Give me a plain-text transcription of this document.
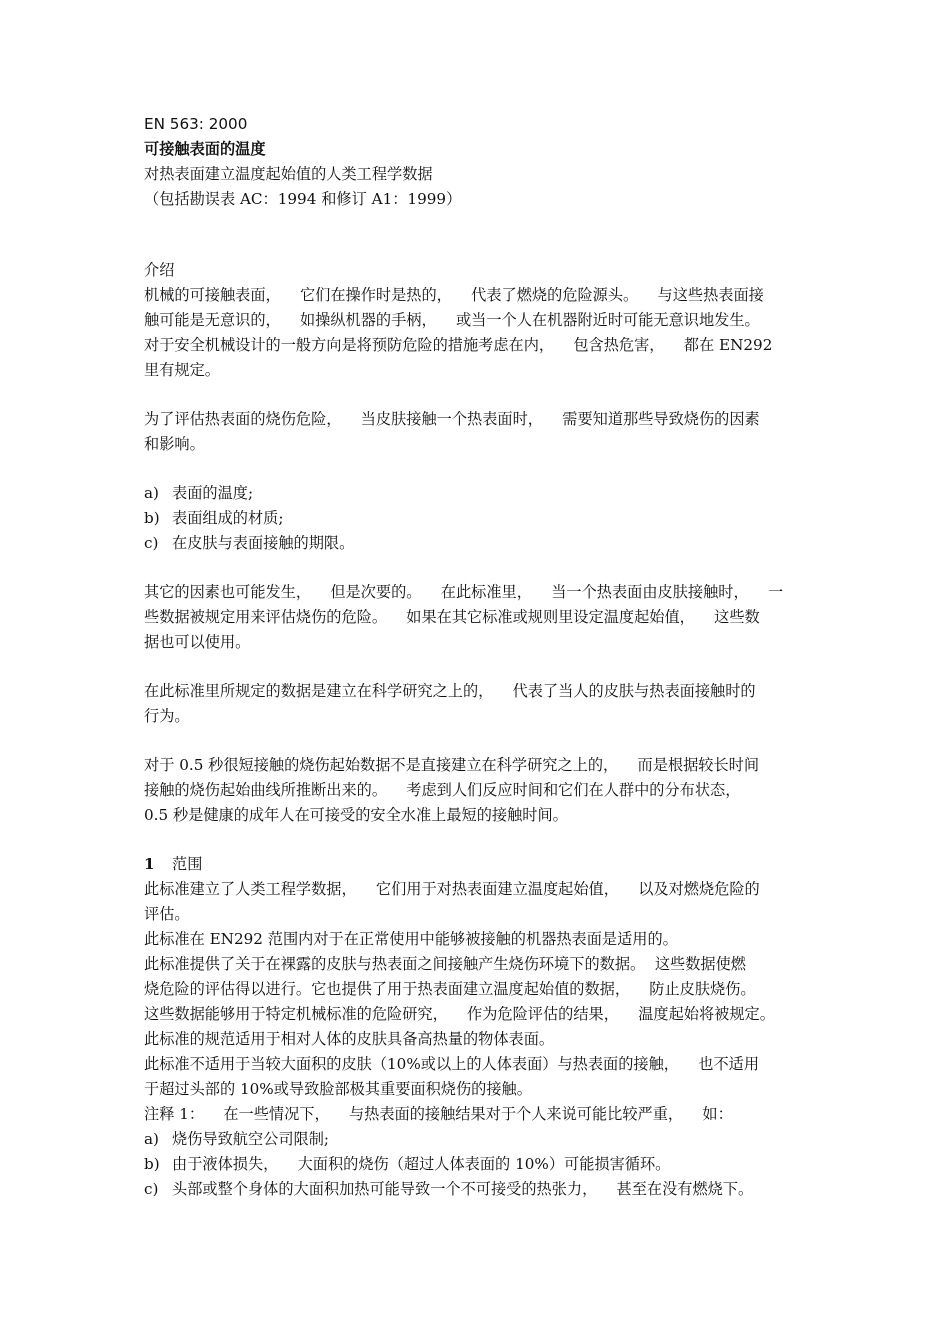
EN 563: 2000

可接触表面的温度

对热表面建立温度起始值的人类工程学数据

（包括勘误表 AC：1994 和修订 A1：1999）

介绍

机械的可接触表面，    它们在操作时是热的，    代表了燃烧的危险源头。    与这些热表面接

触可能是无意识的，    如操纵机器的手柄，    或当一个人在机器附近时可能无意识地发生。

对于安全机械设计的一般方向是将预防危险的措施考虑在内，    包含热危害，    都在 EN292

里有规定。

为了评估热表面的烧伤危险，    当皮肤接触一个热表面时，    需要知道那些导致烧伤的因素

和影响。

a) 表面的温度;
b) 表面组成的材质;
c) 在皮肤与表面接触的期限。

其它的因素也可能发生，    但是次要的。    在此标准里，    当一个热表面由皮肤接触时，    一

些数据被规定用来评估烧伤的危险。    如果在其它标准或规则里设定温度起始值，    这些数

据也可以使用。

在此标准里所规定的数据是建立在科学研究之上的，    代表了当人的皮肤与热表面接触时的

行为。

对于 0.5 秒很短接触的烧伤起始数据不是直接建立在科学研究之上的，    而是根据较长时间

接触的烧伤起始曲线所推断出来的。    考虑到人们反应时间和它们在人群中的分布状态，

0.5 秒是健康的成年人在可接受的安全水准上最短的接触时间。

1	范围

此标准建立了人类工程学数据，    它们用于对热表面建立温度起始值，    以及对燃烧危险的

评估。

此标准在 EN292 范围内对于在正常使用中能够被接触的机器热表面是适用的。

此标准提供了关于在裸露的皮肤与热表面之间接触产生烧伤环境下的数据。  这些数据使燃

烧危险的评估得以进行。它也提供了用于热表面建立温度起始值的数据，    防止皮肤烧伤。

这些数据能够用于特定机械标准的危险研究，    作为危险评估的结果，    温度起始将被规定。

此标准的规范适用于相对人体的皮肤具备高热量的物体表面。

此标准不适用于当较大面积的皮肤（10%或以上的人体表面）与热表面的接触，    也不适用

于超过头部的 10%或导致脸部极其重要面积烧伤的接触。

注释 1：    在一些情况下，    与热表面的接触结果对于个人来说可能比较严重，    如：

a) 烧伤导致航空公司限制;
b) 由于液体损失，    大面积的烧伤（超过人体表面的 10%）可能损害循环。
c) 头部或整个身体的大面积加热可能导致一个不可接受的热张力，    甚至在没有燃烧下。
